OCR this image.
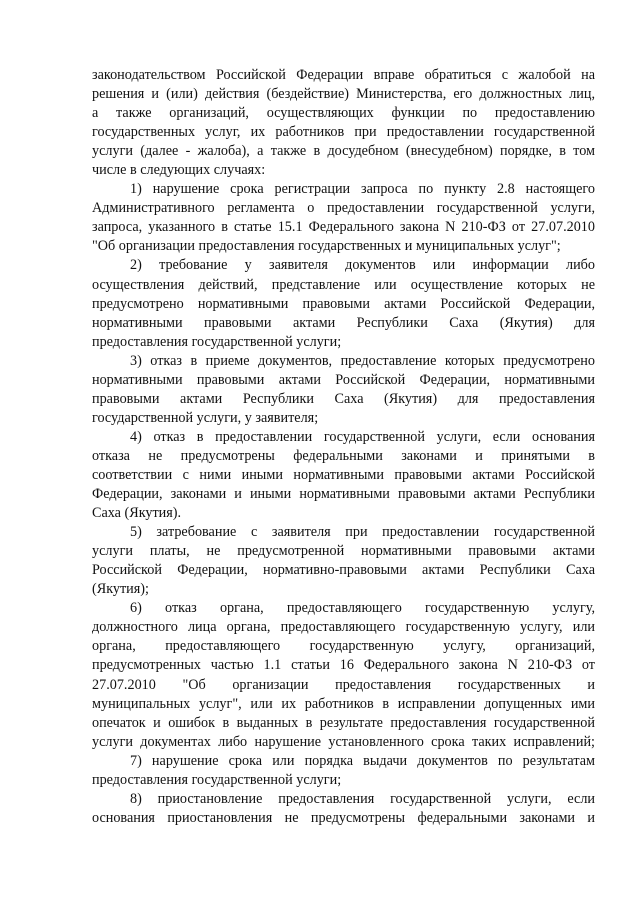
законодательством Российской Федерации вправе обратиться с жалобой на
решения и (или) действия (бездействие) Министерства, его должностных лиц,
а также организаций, осуществляющих функции по предоставлению
государственных услуг, их работников при предоставлении государственной
услуги (далее - жалоба), а также в досудебном (внесудебном) порядке, в том
числе в следующих случаях:
1) нарушение срока регистрации запроса по пункту 2.8 настоящего
Административного регламента о предоставлении государственной услуги,
запроса, указанного в статье 15.1 Федерального закона N 210-ФЗ от 27.07.2010
"Об организации предоставления государственных и муниципальных услуг";
2) требование у заявителя документов или информации либо
осуществления действий, представление или осуществление которых не
предусмотрено нормативными правовыми актами Российской Федерации,
нормативными правовыми актами Республики Саха (Якутия) для
предоставления государственной услуги;
3) отказ в приеме документов, предоставление которых предусмотрено
нормативными правовыми актами Российской Федерации, нормативными
правовыми актами Республики Саха (Якутия) для предоставления
государственной услуги, у заявителя;
4) отказ в предоставлении государственной услуги, если основания
отказа не предусмотрены федеральными законами и принятыми в
соответствии с ними иными нормативными правовыми актами Российской
Федерации, законами и иными нормативными правовыми актами Республики
Саха (Якутия).
5) затребование с заявителя при предоставлении государственной
услуги платы, не предусмотренной нормативными правовыми актами
Российской Федерации, нормативно-правовыми актами Республики Саха
(Якутия);
6) отказ органа, предоставляющего государственную услугу,
должностного лица органа, предоставляющего государственную услугу, или
органа, предоставляющего государственную услугу, организаций,
предусмотренных частью 1.1 статьи 16 Федерального закона N 210-ФЗ от
27.07.2010 "Об организации предоставления государственных и
муниципальных услуг", или их работников в исправлении допущенных ими
опечаток и ошибок в выданных в результате предоставления государственной
услуги документах либо нарушение установленного срока таких исправлений;
7) нарушение срока или порядка выдачи документов по результатам
предоставления государственной услуги;
8) приостановление предоставления государственной услуги, если
основания приостановления не предусмотрены федеральными законами и
